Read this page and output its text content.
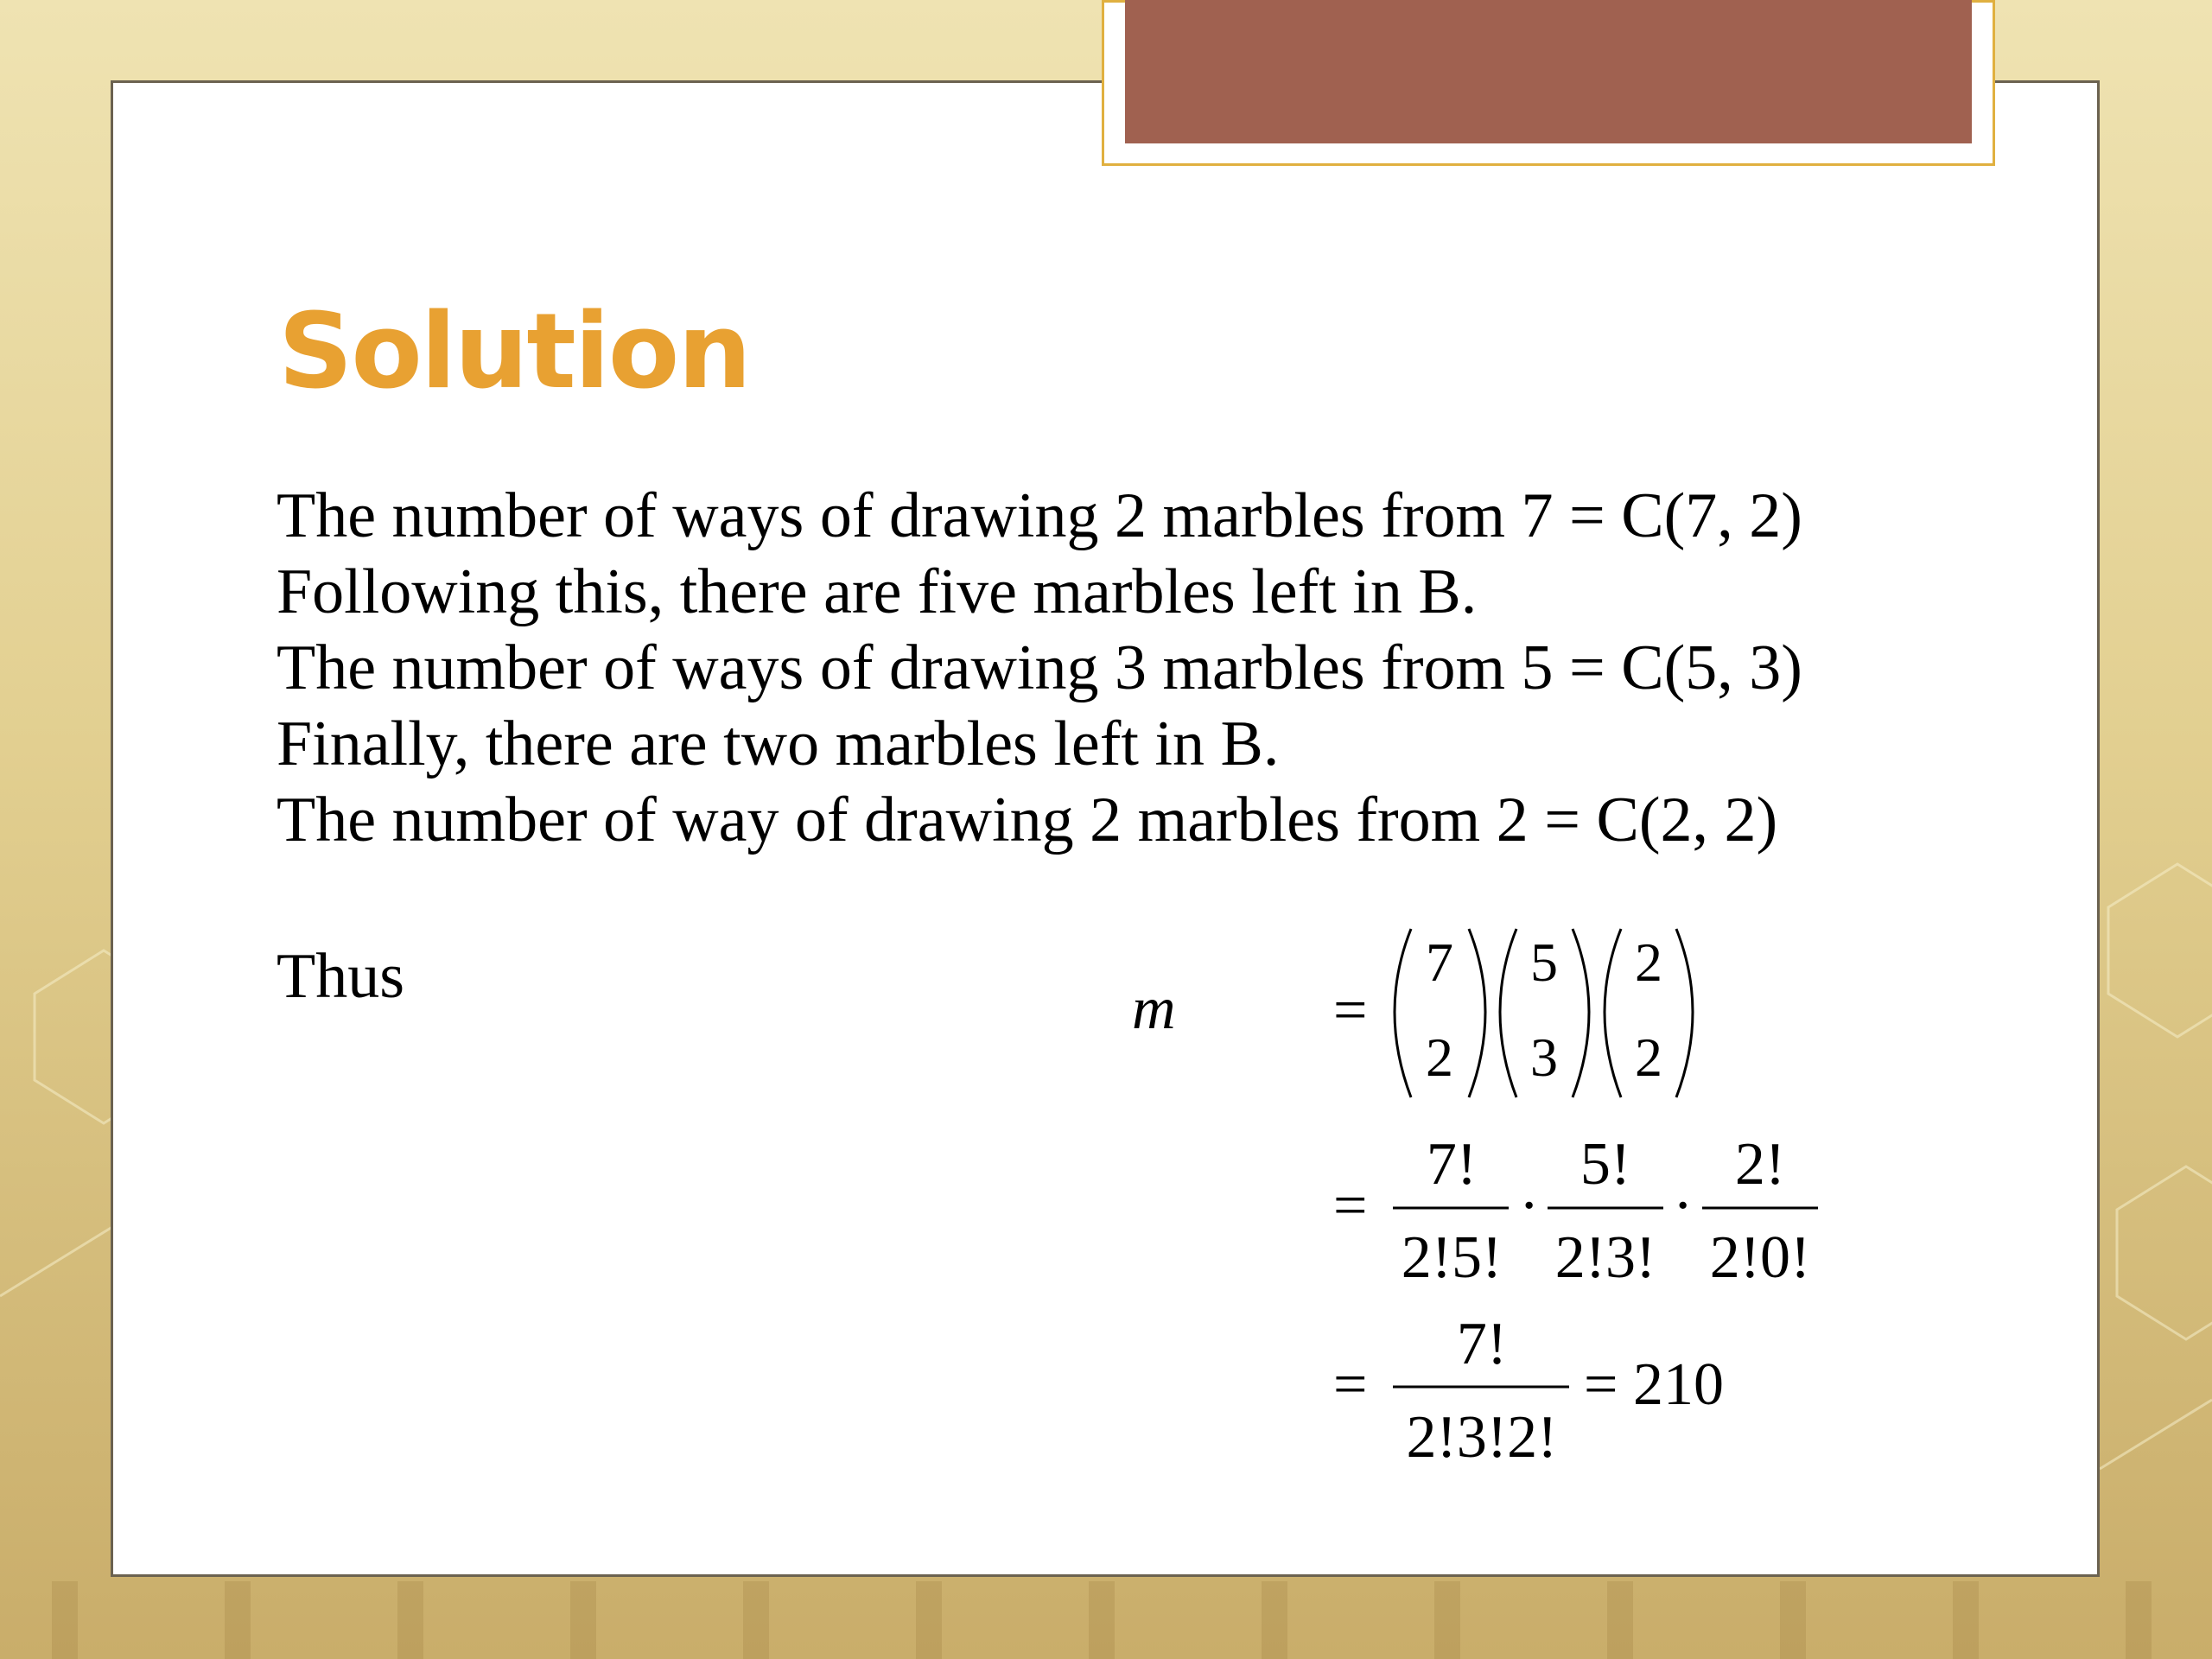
Solution
The number of ways of drawing 2 marbles from 7 = C(7, 2)
Following this, there are five marbles left in B.
The number of ways of drawing 3 marbles from 5 = C(5, 3)
Finally, there are two marbles left in B.
The number of way of drawing 2 marbles from 2 = C(2, 2)
Thus	m	=
7
2
5
3
2
2
=
7!
2!5!
·
5!
2!3!
·
2!
2!0!
=
7!
2!3!2!
= 210
